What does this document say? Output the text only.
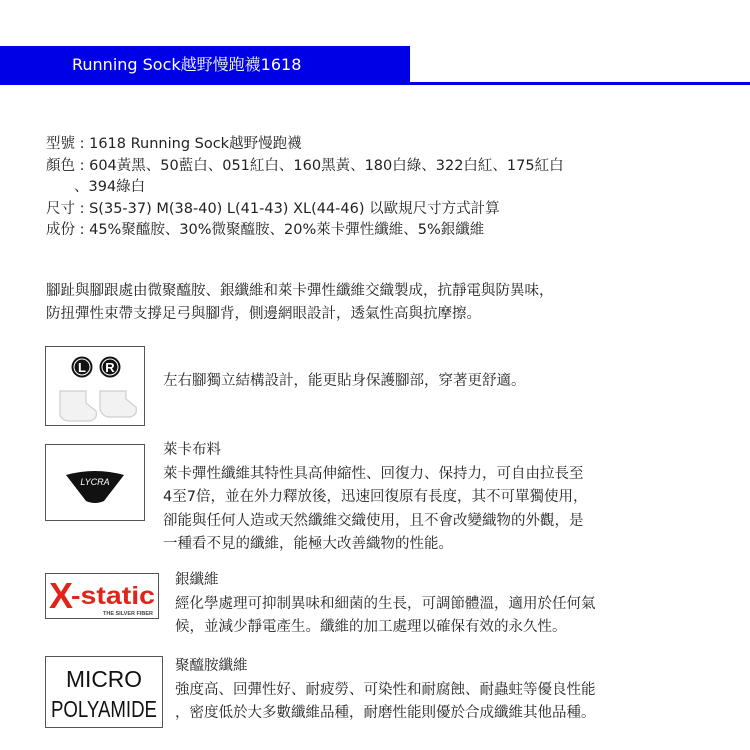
Running Sock越野慢跑襪1618
型號 : 1618 Running Sock越野慢跑襪
顏色 : 604黃黑、50藍白、051紅白、160黑黃、180白綠、322白紅、175紅白
、394綠白
尺寸 : S(35-37) M(38-40) L(41-43) XL(44-46) 以歐規尺寸方式計算
成份 : 45%聚醯胺、30%微聚醯胺、20%萊卡彈性纖維、5%銀纖維
腳趾與腳跟處由微聚醯胺、銀纖維和萊卡彈性纖維交織製成，抗靜電與防異味，
防扭彈性束帶支撐足弓與腳背，側邊網眼設計，透氣性高與抗摩擦。
L R
左右腳獨立結構設計，能更貼身保護腳部，穿著更舒適。
LYCRA
萊卡布料
萊卡彈性纖維其特性具高伸縮性、回復力、保持力，可自由拉長至
4至7倍，並在外力釋放後，迅速回復原有長度，其不可單獨使用，
卻能與任何人造或天然纖維交織使用，且不會改變織物的外觀，是
一種看不見的纖維，能極大改善織物的性能。
X
-static
THE SILVER FIBER
銀纖維
經化學處理可抑制異味和細菌的生長，可調節體溫，適用於任何氣
候，並減少靜電產生。纖維的加工處理以確保有效的永久性。
MICRO
POLYAMIDE
聚醯胺纖維
強度高、回彈性好、耐疲勞、可染性和耐腐蝕、耐蟲蛀等優良性能
，密度低於大多數纖維品種，耐磨性能則優於合成纖維其他品種。
